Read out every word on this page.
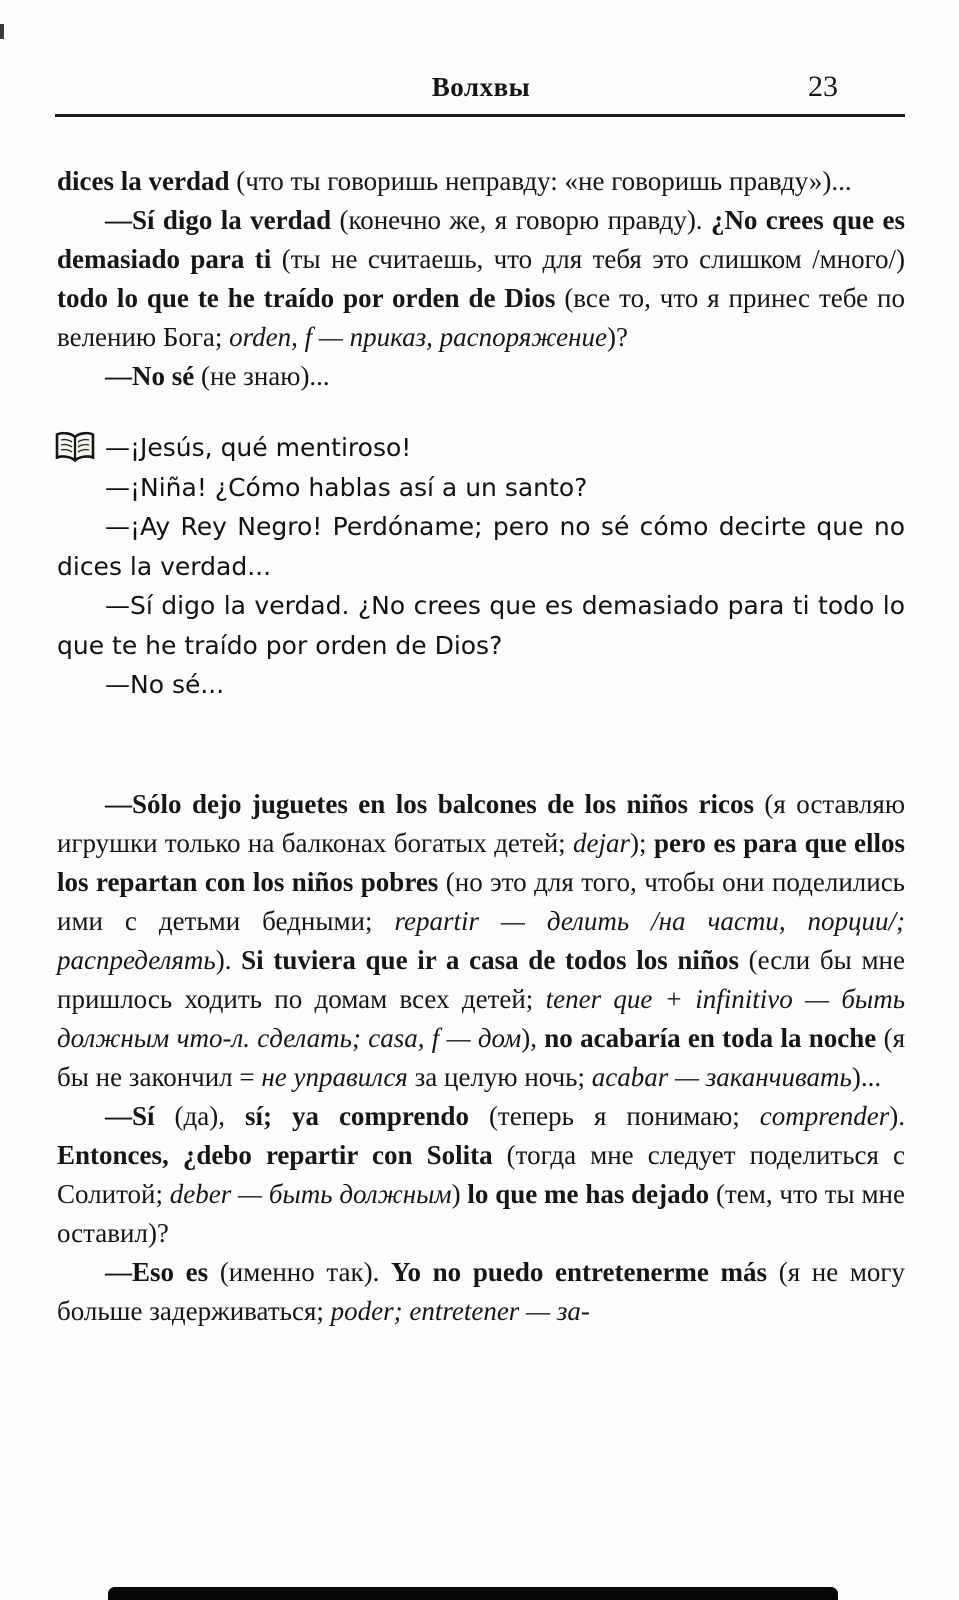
Волхвы	23
dices la verdad (что ты говоришь неправду: «не говоришь правду»)...
—Sí digo la verdad (конечно же, я говорю правду). ¿No crees que es demasiado para ti (ты не считаешь, что для тебя это слишком /много/) todo lo que te he traído por orden de Dios (все то, что я принес тебе по велению Бога; orden, f — приказ, распоряжение)?
—No sé (не знаю)...
—¡Jesús, qué mentiroso!
—¡Niña! ¿Cómo hablas así a un santo?
—¡Ay Rey Negro! Perdóname; pero no sé cómo decirte que no dices la verdad...
—Sí digo la verdad. ¿No crees que es demasiado para ti todo lo que te he traído por orden de Dios?
—No sé...
—Sólo dejo juguetes en los balcones de los niños ricos (я оставляю игрушки только на балконах богатых детей; dejar); pero es para que ellos los repartan con los niños pobres (но это для того, чтобы они поделились ими с детьми бедными; repartir — делить /на части, порции/; распределять). Si tuviera que ir a casa de todos los niños (если бы мне пришлось ходить по домам всех детей; tener que + infinitivo — быть должным что-л. сделать; casa, f — дом), no acabaría en toda la noche (я бы не закончил = не управился за целую ночь; acabar — заканчивать)...
—Sí (да), sí; ya comprendo (теперь я понимаю; comprender). Entonces, ¿debo repartir con Solita (тогда мне следует поделиться с Солитой; deber — быть должным) lo que me has dejado (тем, что ты мне оставил)?
—Eso es (именно так). Yo no puedo entretenerme más (я не могу больше задерживаться; poder; entretener — за-
